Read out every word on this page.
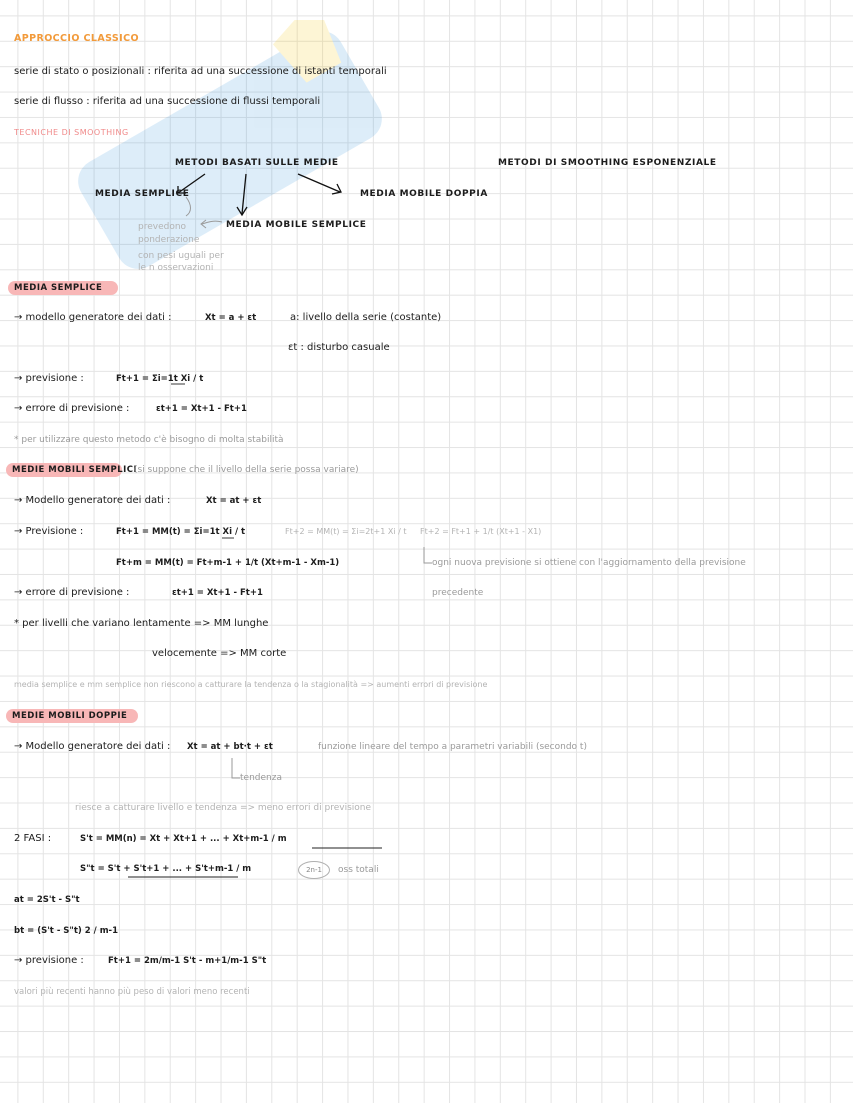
APPROCCIO CLASSICO
serie di stato o posizionali : riferita ad una successione di istanti temporali
serie di flusso : riferita ad una successione di flussi temporali
TECNICHE DI SMOOTHING
METODI BASATI SULLE MEDIE	METODI DI SMOOTHING ESPONENZIALE
MEDIA SEMPLICE	MEDIA MOBILE DOPPIA
MEDIA MOBILE SEMPLICE
prevedono
ponderazione
con pesi uguali per
le n osservazioni
MEDIA SEMPLICE
→ modello generatore dei dati :	Xt = a + εt	a: livello della serie (costante)
εt : disturbo casuale
→ previsione :	Ft+1 = Σi=1t Xi / t
→ errore di previsione :	εt+1 = Xt+1 - Ft+1
* per utilizzare questo metodo c'è bisogno di molta stabilità
MEDIE MOBILI SEMPLICI
(si suppone che il livello della serie possa variare)
→ Modello generatore dei dati :	Xt = at + εt
→ Previsione :	Ft+1 = MM(t) = Σi=1t Xi / t	Ft+2 = MM(t) = Σi=2t+1 Xi / t Ft+2 = Ft+1 + 1/t (Xt+1 - X1)
Ft+m = MM(t) = Ft+m-1 + 1/t (Xt+m-1 - Xm-1)	ogni nuova previsione si ottiene con l'aggiornamento della previsione
precedente
→ errore di previsione :	εt+1 = Xt+1 - Ft+1
* per livelli che variano lentamente => MM lunghe
velocemente => MM corte
media semplice e mm semplice non riescono a catturare la tendenza o la stagionalità => aumenti errori di previsione
MEDIE MOBILI DOPPIE
→ Modello generatore dei dati : Xt = at + bt·t + εt	funzione lineare del tempo a parametri variabili (secondo t)
tendenza
riesce a catturare livello e tendenza => meno errori di previsione
2 FASI :	S't = MM(n) = Xt + Xt+1 + ... + Xt+m-1 / m
S"t = S't + S't+1 + ... + S't+m-1 / m	2n-1	oss totali
at = 2S't - S"t
bt = (S't - S"t) 2 / m-1
→ previsione :	Ft+1 = 2m/m-1 S't - m+1/m-1 S"t
valori più recenti hanno più peso di valori meno recenti
